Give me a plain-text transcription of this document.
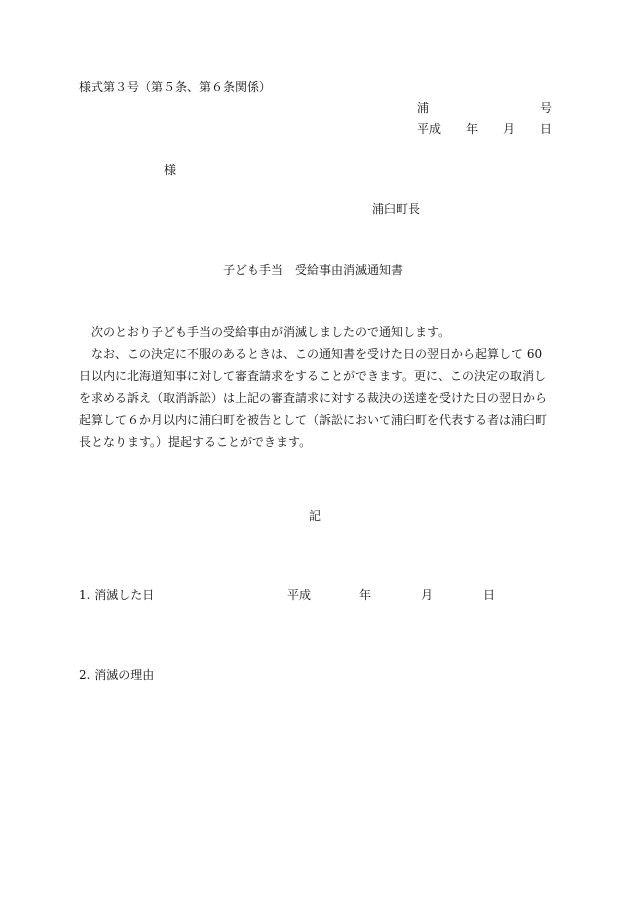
様式第３号（第５条、第６条関係）
浦	号
平成 年 月 日
様
浦臼町長
子ども手当　受給事由消滅通知書
次のとおり子ども手当の受給事由が消滅しましたので通知します。
なお、この決定に不服のあるときは、この通知書を受けた日の翌日から起算して 60
日以内に北海道知事に対して審査請求をすることができます。更に、この決定の取消し
を求める訴え（取消訴訟）は上記の審査請求に対する裁決の送達を受けた日の翌日から
起算して６か月以内に浦臼町を被告として（訴訟において浦臼町を代表する者は浦臼町
長となります。）提起することができます。
記
1. 消滅した日	平成	年	月	日
2. 消滅の理由
